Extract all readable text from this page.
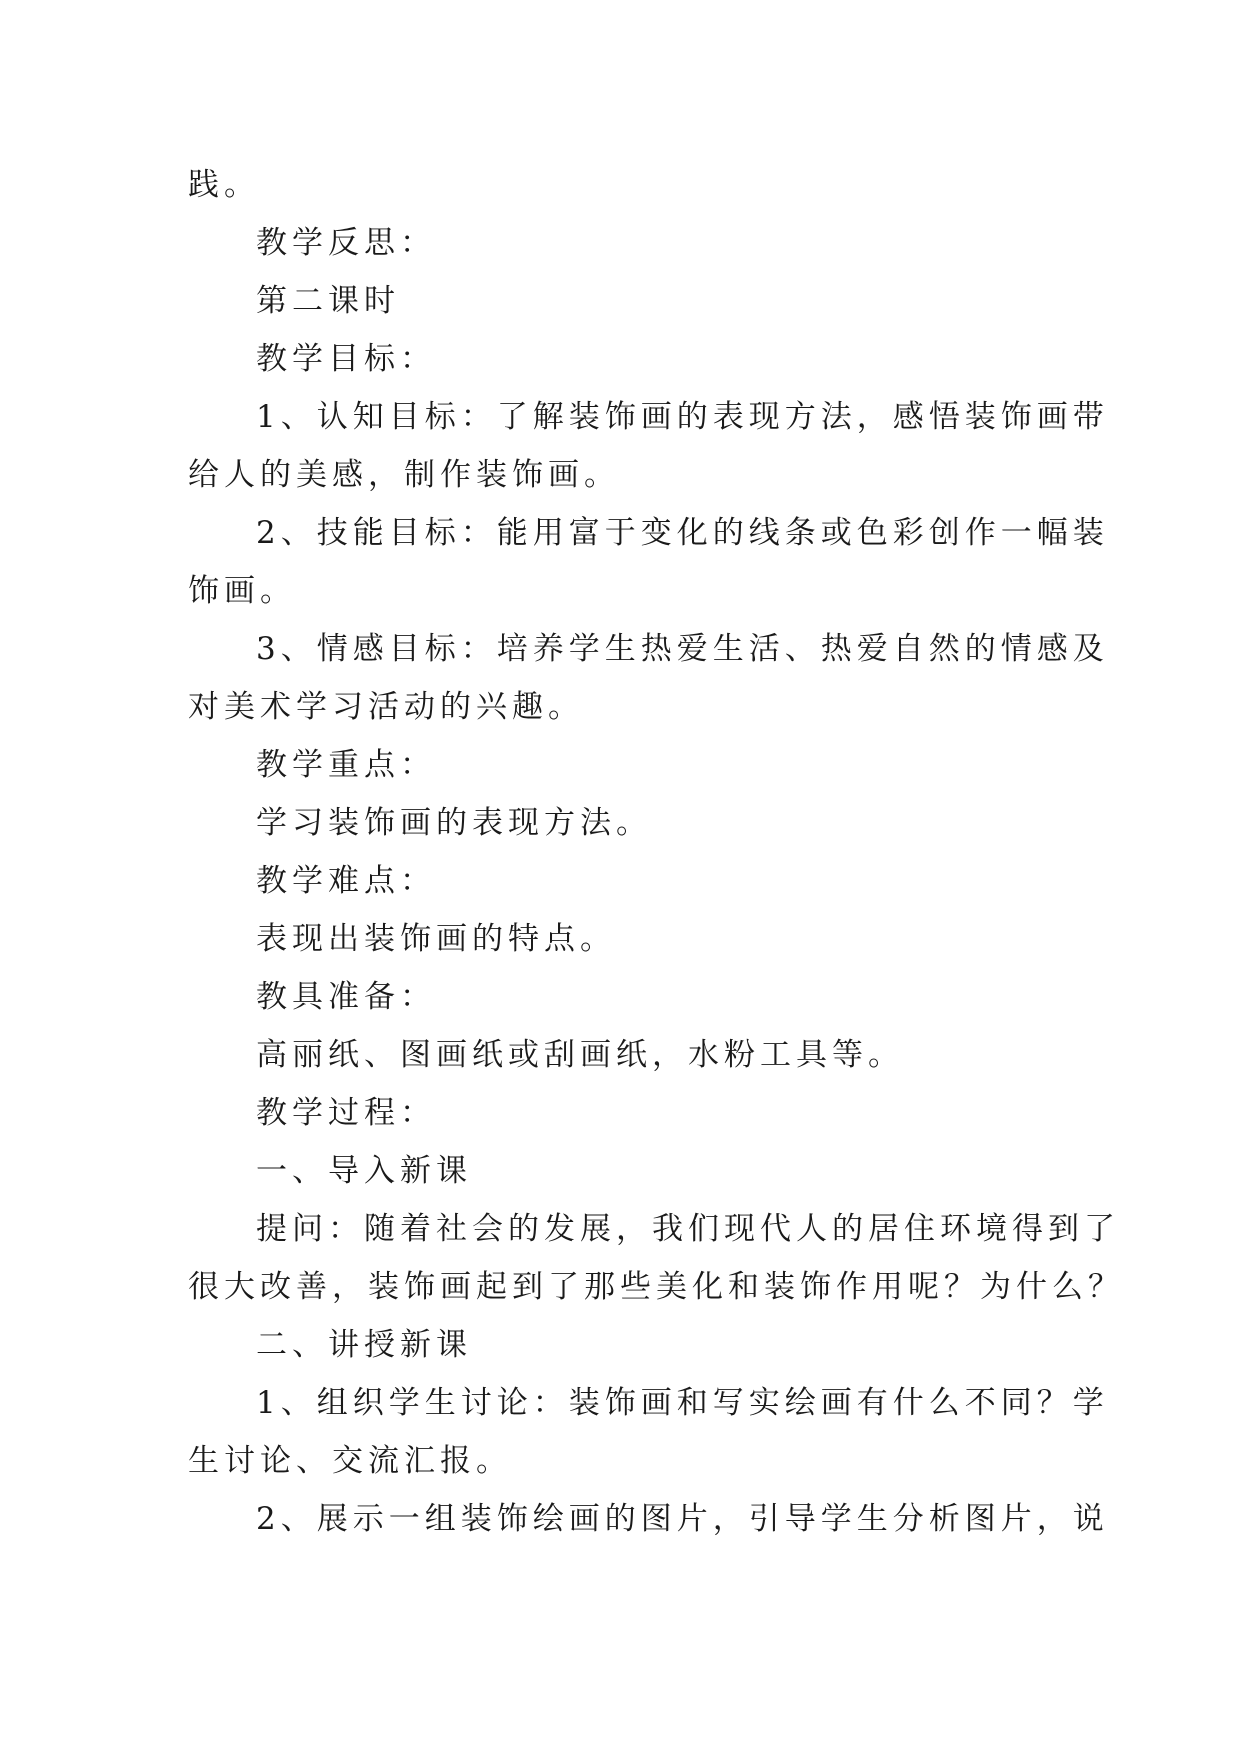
践。

教学反思：

第二课时

教学目标：

1、认知目标：了解装饰画的表现方法，感悟装饰画带

给人的美感，制作装饰画。

2、技能目标：能用富于变化的线条或色彩创作一幅装

饰画。

3、情感目标：培养学生热爱生活、热爱自然的情感及

对美术学习活动的兴趣。

教学重点：

学习装饰画的表现方法。

教学难点：

表现出装饰画的特点。

教具准备：

高丽纸、图画纸或刮画纸，水粉工具等。

教学过程：

一、导入新课

提问：随着社会的发展，我们现代人的居住环境得到了

很大改善，装饰画起到了那些美化和装饰作用呢？为什么？

二、讲授新课

1、组织学生讨论：装饰画和写实绘画有什么不同？学

生讨论、交流汇报。

2、展示一组装饰绘画的图片，引导学生分析图片，说
